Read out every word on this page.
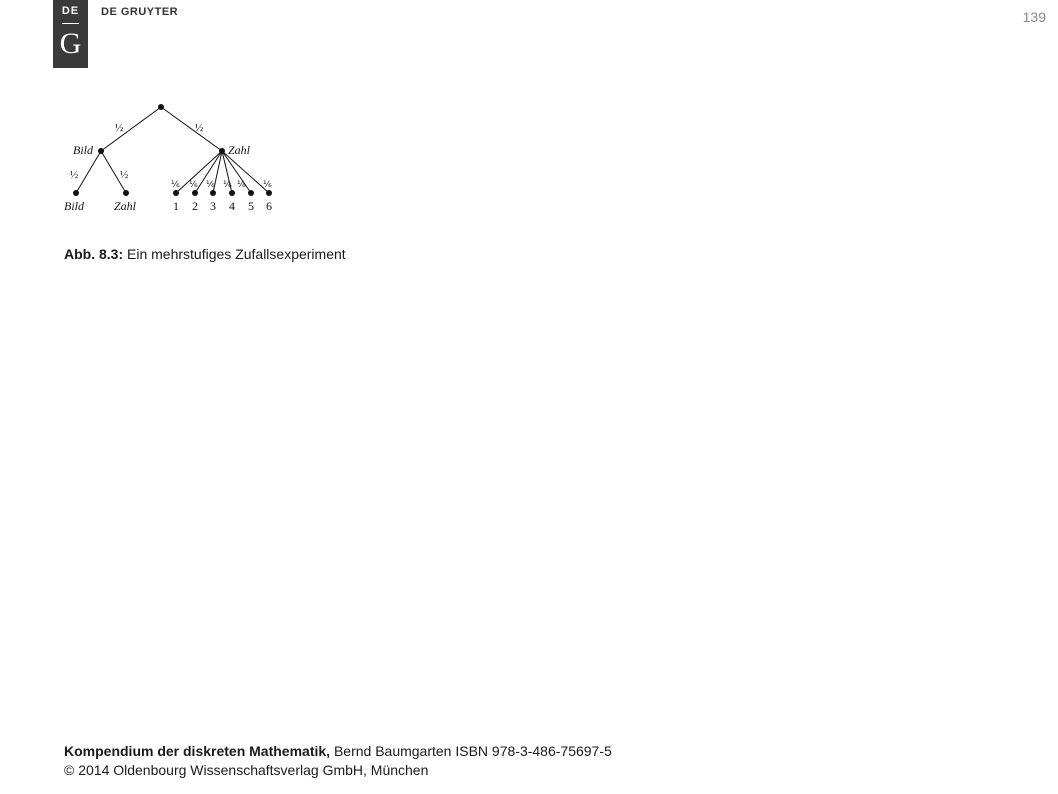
DE
G
DE GRUYTER	139
½	½
Bild	Zahl
½	½
⅙ ⅙ ⅙ ⅙ ⅙ ⅙
Bild	Zahl	1 2 3 4 5 6
Abb. 8.3: Ein mehrstufiges Zufallsexperiment
Kompendium der diskreten Mathematik, Bernd Baumgarten ISBN 978-3-486-75697-5
© 2014 Oldenbourg Wissenschaftsverlag GmbH, München
